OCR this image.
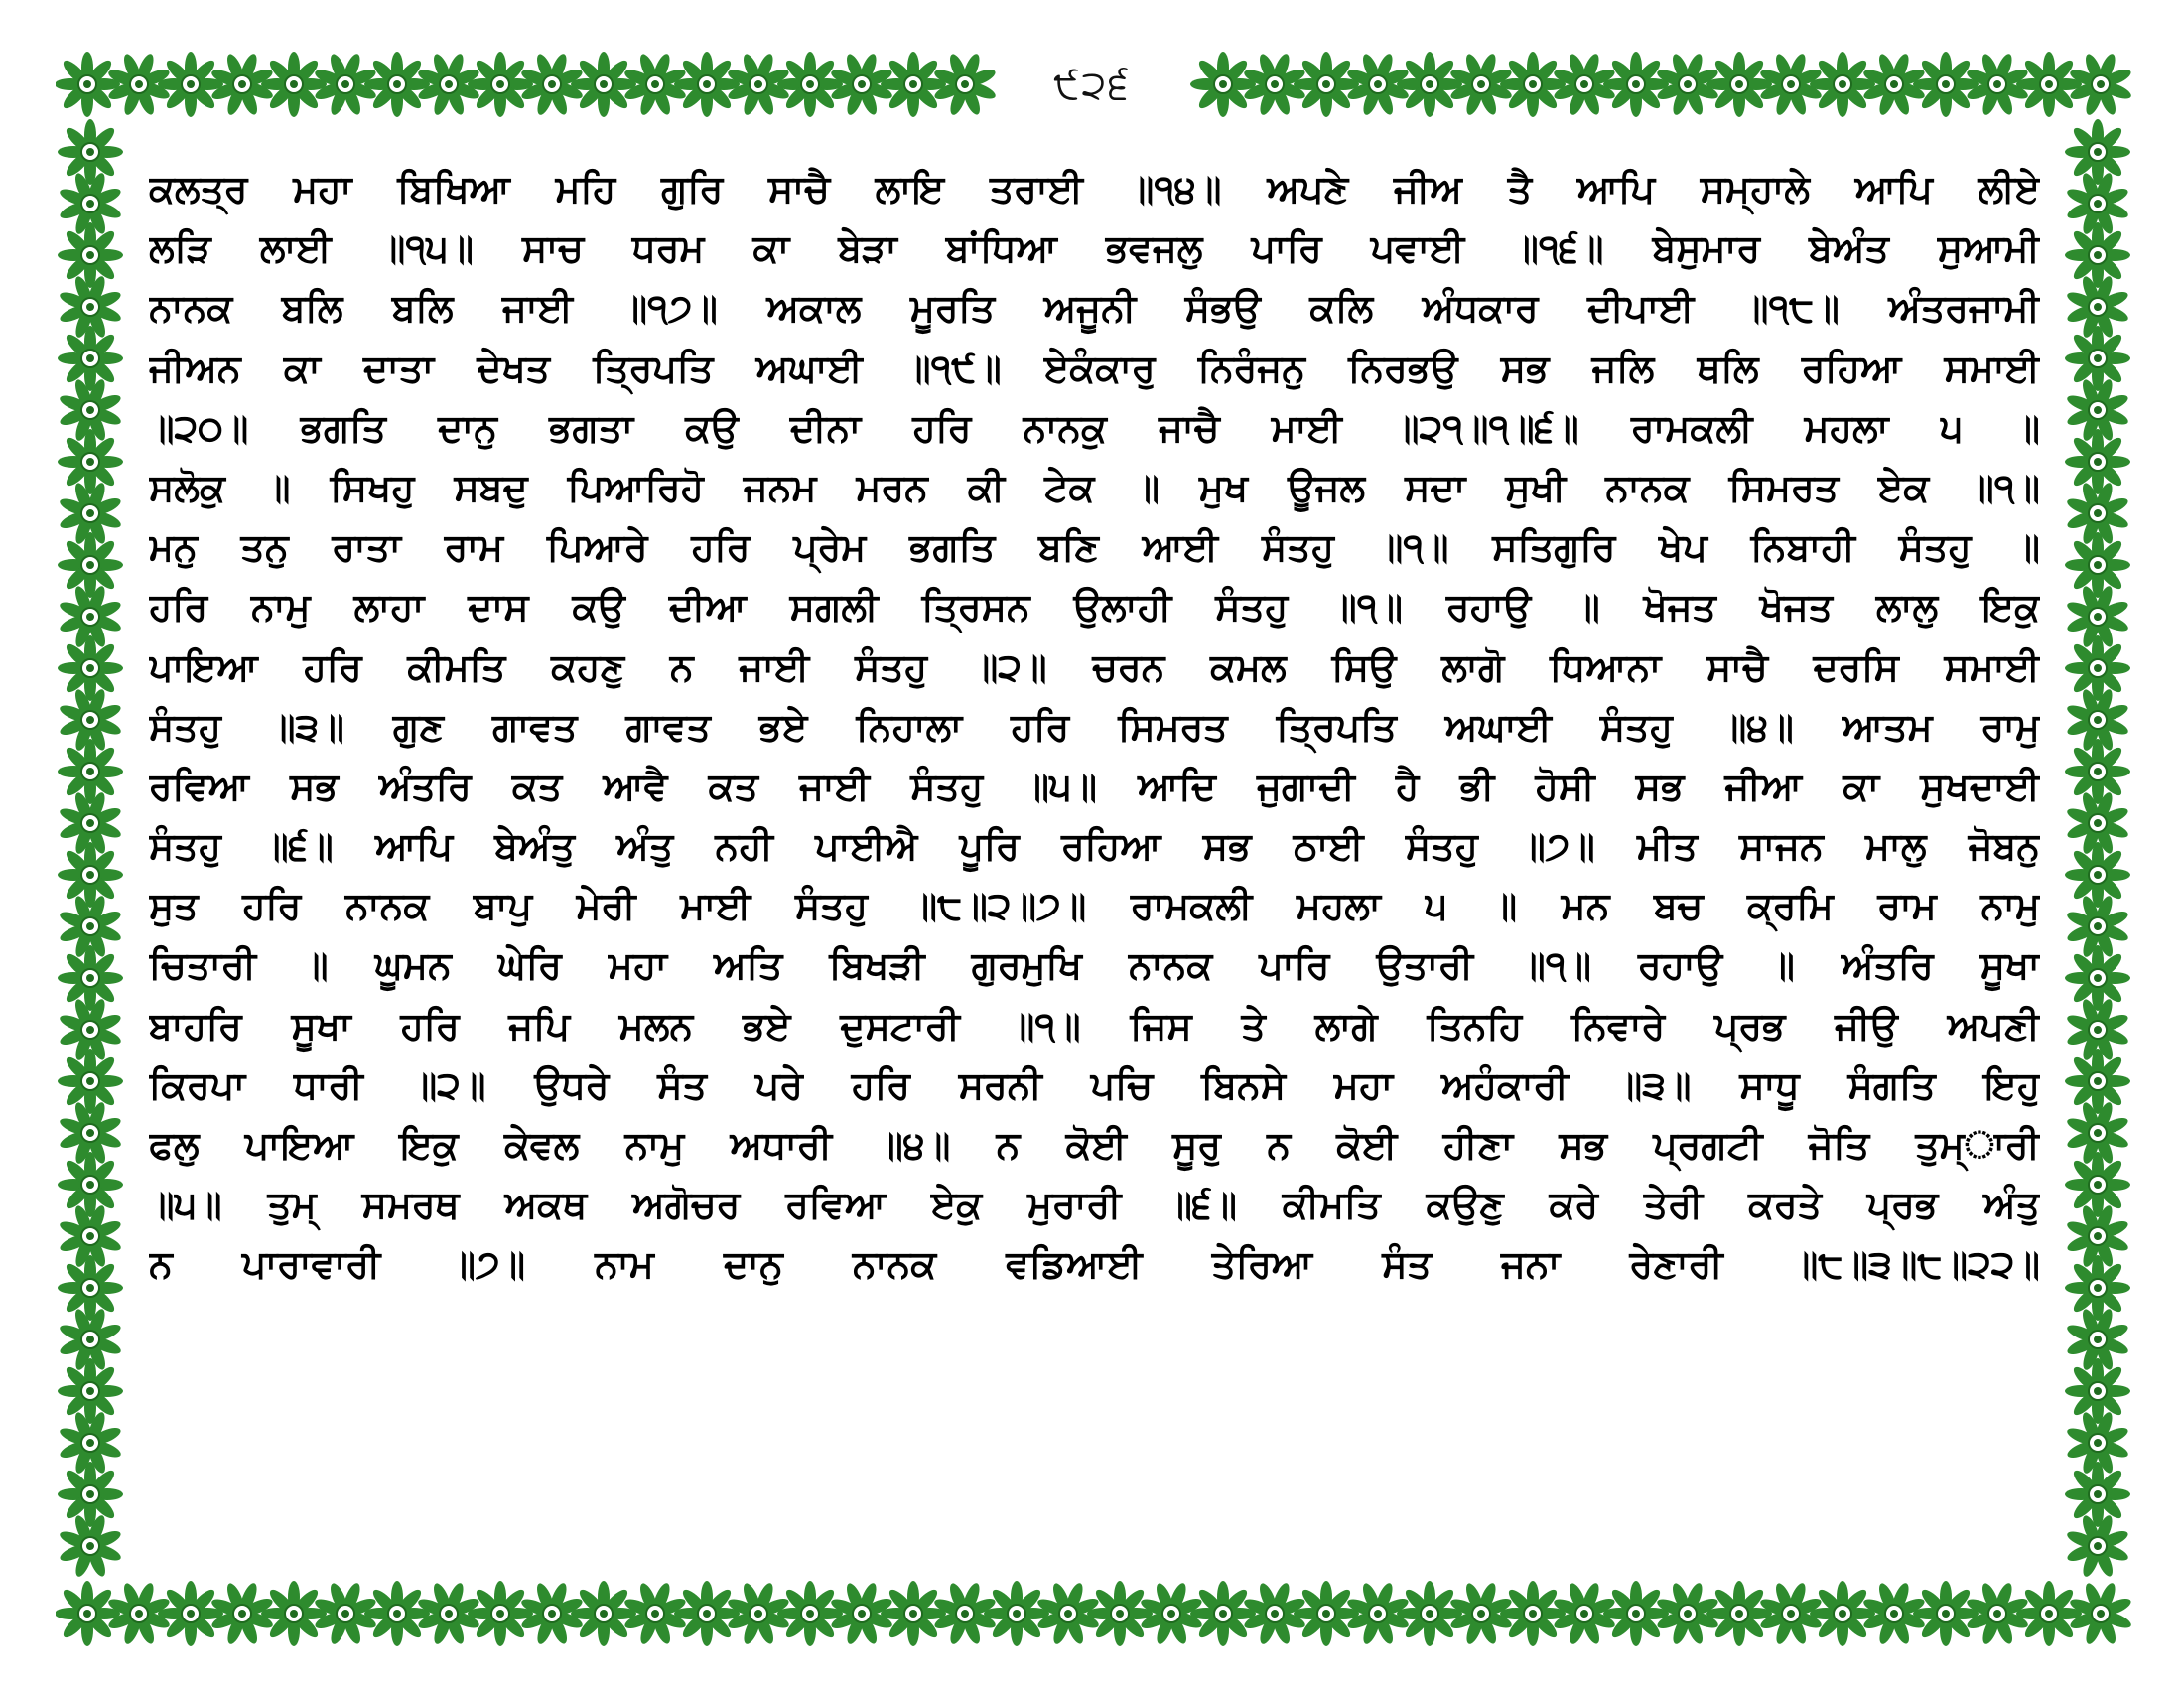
੯੨੬
ਕਲਤ੍ਰ ਮਹਾ ਬਿਖਿਆ ਮਹਿ ਗੁਰਿ ਸਾਚੈ ਲਾਇ ਤਰਾਈ ॥੧੪॥ ਅਪਣੇ ਜੀਅ ਤੈ ਆਪਿ ਸਮ੍ਹਾਲੇ ਆਪਿ ਲੀਏ
ਲੜਿ ਲਾਈ ॥੧੫॥ ਸਾਚ ਧਰਮ ਕਾ ਬੇੜਾ ਬਾਂਧਿਆ ਭਵਜਲੁ ਪਾਰਿ ਪਵਾਈ ॥੧੬॥ ਬੇਸੁਮਾਰ ਬੇਅੰਤ ਸੁਆਮੀ
ਨਾਨਕ ਬਲਿ ਬਲਿ ਜਾਈ ॥੧੭॥ ਅਕਾਲ ਮੂਰਤਿ ਅਜੂਨੀ ਸੰਭਉ ਕਲਿ ਅੰਧਕਾਰ ਦੀਪਾਈ ॥੧੮॥ ਅੰਤਰਜਾਮੀ
ਜੀਅਨ ਕਾ ਦਾਤਾ ਦੇਖਤ ਤ੍ਰਿਪਤਿ ਅਘਾਈ ॥੧੯॥ ਏਕੰਕਾਰੁ ਨਿਰੰਜਨੁ ਨਿਰਭਉ ਸਭ ਜਲਿ ਥਲਿ ਰਹਿਆ ਸਮਾਈ
॥੨੦॥ ਭਗਤਿ ਦਾਨੁ ਭਗਤਾ ਕਉ ਦੀਨਾ ਹਰਿ ਨਾਨਕੁ ਜਾਚੈ ਮਾਈ ॥੨੧॥੧॥੬॥ ਰਾਮਕਲੀ ਮਹਲਾ ੫ ॥
ਸਲੋਕੁ ॥ ਸਿਖਹੁ ਸਬਦੁ ਪਿਆਰਿਹੋ ਜਨਮ ਮਰਨ ਕੀ ਟੇਕ ॥ ਮੁਖ ਊਜਲ ਸਦਾ ਸੁਖੀ ਨਾਨਕ ਸਿਮਰਤ ਏਕ ॥੧॥
ਮਨੁ ਤਨੁ ਰਾਤਾ ਰਾਮ ਪਿਆਰੇ ਹਰਿ ਪ੍ਰੇਮ ਭਗਤਿ ਬਣਿ ਆਈ ਸੰਤਹੁ ॥੧॥ ਸਤਿਗੁਰਿ ਖੇਪ ਨਿਬਾਹੀ ਸੰਤਹੁ ॥
ਹਰਿ ਨਾਮੁ ਲਾਹਾ ਦਾਸ ਕਉ ਦੀਆ ਸਗਲੀ ਤ੍ਰਿਸਨ ਉਲਾਹੀ ਸੰਤਹੁ ॥੧॥ ਰਹਾਉ ॥ ਖੋਜਤ ਖੋਜਤ ਲਾਲੁ ਇਕੁ
ਪਾਇਆ ਹਰਿ ਕੀਮਤਿ ਕਹਣੁ ਨ ਜਾਈ ਸੰਤਹੁ ॥੨॥ ਚਰਨ ਕਮਲ ਸਿਉ ਲਾਗੋ ਧਿਆਨਾ ਸਾਚੈ ਦਰਸਿ ਸਮਾਈ
ਸੰਤਹੁ ॥੩॥ ਗੁਣ ਗਾਵਤ ਗਾਵਤ ਭਏ ਨਿਹਾਲਾ ਹਰਿ ਸਿਮਰਤ ਤ੍ਰਿਪਤਿ ਅਘਾਈ ਸੰਤਹੁ ॥੪॥ ਆਤਮ ਰਾਮੁ
ਰਵਿਆ ਸਭ ਅੰਤਰਿ ਕਤ ਆਵੈ ਕਤ ਜਾਈ ਸੰਤਹੁ ॥੫॥ ਆਦਿ ਜੁਗਾਦੀ ਹੈ ਭੀ ਹੋਸੀ ਸਭ ਜੀਆ ਕਾ ਸੁਖਦਾਈ
ਸੰਤਹੁ ॥੬॥ ਆਪਿ ਬੇਅੰਤੁ ਅੰਤੁ ਨਹੀ ਪਾਈਐ ਪੂਰਿ ਰਹਿਆ ਸਭ ਠਾਈ ਸੰਤਹੁ ॥੭॥ ਮੀਤ ਸਾਜਨ ਮਾਲੁ ਜੋਬਨੁ
ਸੁਤ ਹਰਿ ਨਾਨਕ ਬਾਪੁ ਮੇਰੀ ਮਾਈ ਸੰਤਹੁ ॥੮॥੨॥੭॥ ਰਾਮਕਲੀ ਮਹਲਾ ੫ ॥ ਮਨ ਬਚ ਕ੍ਰਮਿ ਰਾਮ ਨਾਮੁ
ਚਿਤਾਰੀ ॥ ਘੂਮਨ ਘੇਰਿ ਮਹਾ ਅਤਿ ਬਿਖੜੀ ਗੁਰਮੁਖਿ ਨਾਨਕ ਪਾਰਿ ਉਤਾਰੀ ॥੧॥ ਰਹਾਉ ॥ ਅੰਤਰਿ ਸੂਖਾ
ਬਾਹਰਿ ਸੂਖਾ ਹਰਿ ਜਪਿ ਮਲਨ ਭਏ ਦੁਸਟਾਰੀ ॥੧॥ ਜਿਸ ਤੇ ਲਾਗੇ ਤਿਨਹਿ ਨਿਵਾਰੇ ਪ੍ਰਭ ਜੀਉ ਅਪਣੀ
ਕਿਰਪਾ ਧਾਰੀ ॥੨॥ ਉਧਰੇ ਸੰਤ ਪਰੇ ਹਰਿ ਸਰਨੀ ਪਚਿ ਬਿਨਸੇ ਮਹਾ ਅਹੰਕਾਰੀ ॥੩॥ ਸਾਧੂ ਸੰਗਤਿ ਇਹੁ
ਫਲੁ ਪਾਇਆ ਇਕੁ ਕੇਵਲ ਨਾਮੁ ਅਧਾਰੀ ॥੪॥ ਨ ਕੋਈ ਸੂਰੁ ਨ ਕੋਈ ਹੀਣਾ ਸਭ ਪ੍ਰਗਟੀ ਜੋਤਿ ਤੁਮ੍ਾਰੀ
॥੫॥ ਤੁਮ੍ ਸਮਰਥ ਅਕਥ ਅਗੋਚਰ ਰਵਿਆ ਏਕੁ ਮੁਰਾਰੀ ॥੬॥ ਕੀਮਤਿ ਕਉਣੁ ਕਰੇ ਤੇਰੀ ਕਰਤੇ ਪ੍ਰਭ ਅੰਤੁ
ਨ ਪਾਰਾਵਾਰੀ ॥੭॥ ਨਾਮ ਦਾਨੁ ਨਾਨਕ ਵਡਿਆਈ ਤੇਰਿਆ ਸੰਤ ਜਨਾ ਰੇਣਾਰੀ ॥੮॥੩॥੮॥੨੨॥
